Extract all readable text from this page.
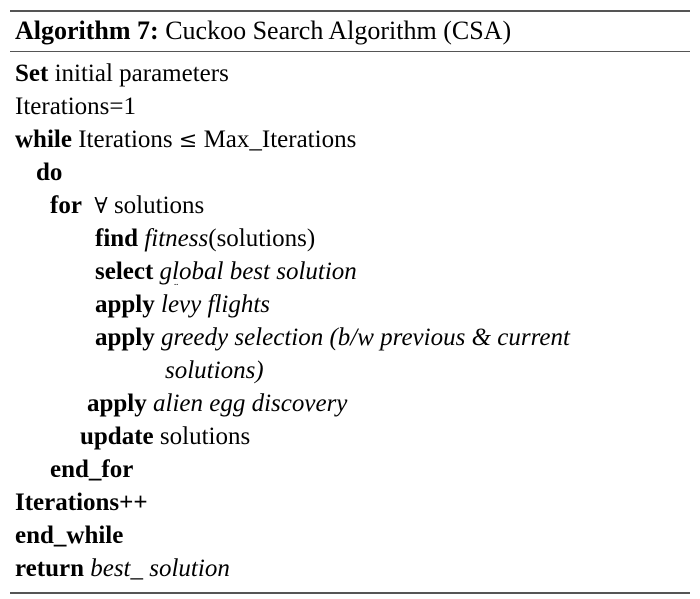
Algorithm 7: Cuckoo Search Algorithm (CSA)
Set initial parameters
Iterations=1
while Iterations ≤ Max_Iterations
do
for ∀ solutions
find fitness(solutions)
select global best solution
apply lev
y flights
apply greedy selection (b/w previous & current
solutions)
apply alien egg discovery
update solutions
end_for
Iterations++
end_while
return best_ solution
